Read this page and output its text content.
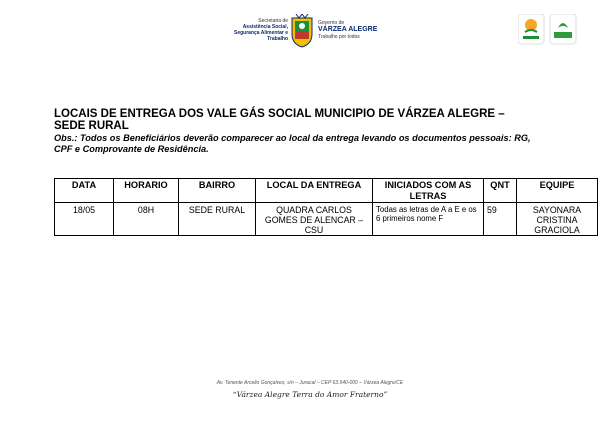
Secretaria de
Assistência Social,
Segurança Alimentar e
Trabalho
Governo de
VÁRZEA ALEGRE
Trabalho por todos
LOCAIS DE ENTREGA DOS VALE GÁS SOCIAL MUNICIPIO DE VÁRZEA ALEGRE – SEDE RURAL
Obs.: Todos os Beneficiários deverão comparecer ao local da entrega levando os documentos pessoais: RG, CPF e Comprovante de Residência.
DATA	HORARIO	BAIRRO	LOCAL DA ENTREGA	INICIADOS COM AS LETRAS	QNT	EQUIPE
18/05	08H	SEDE RURAL	QUADRA CARLOS GOMES DE ALENCAR – CSU	Todas as letras de A a E e os 6 primeiros nome F	59	SAYONARA CRISTINA GRACIOLA
Av. Tenente Arcelio Gonçalves, s/n – Juracal – CEP 63.540-000 – Várzea Alegre/CE
“Várzea Alegre Terra do Amor Fraterno”
